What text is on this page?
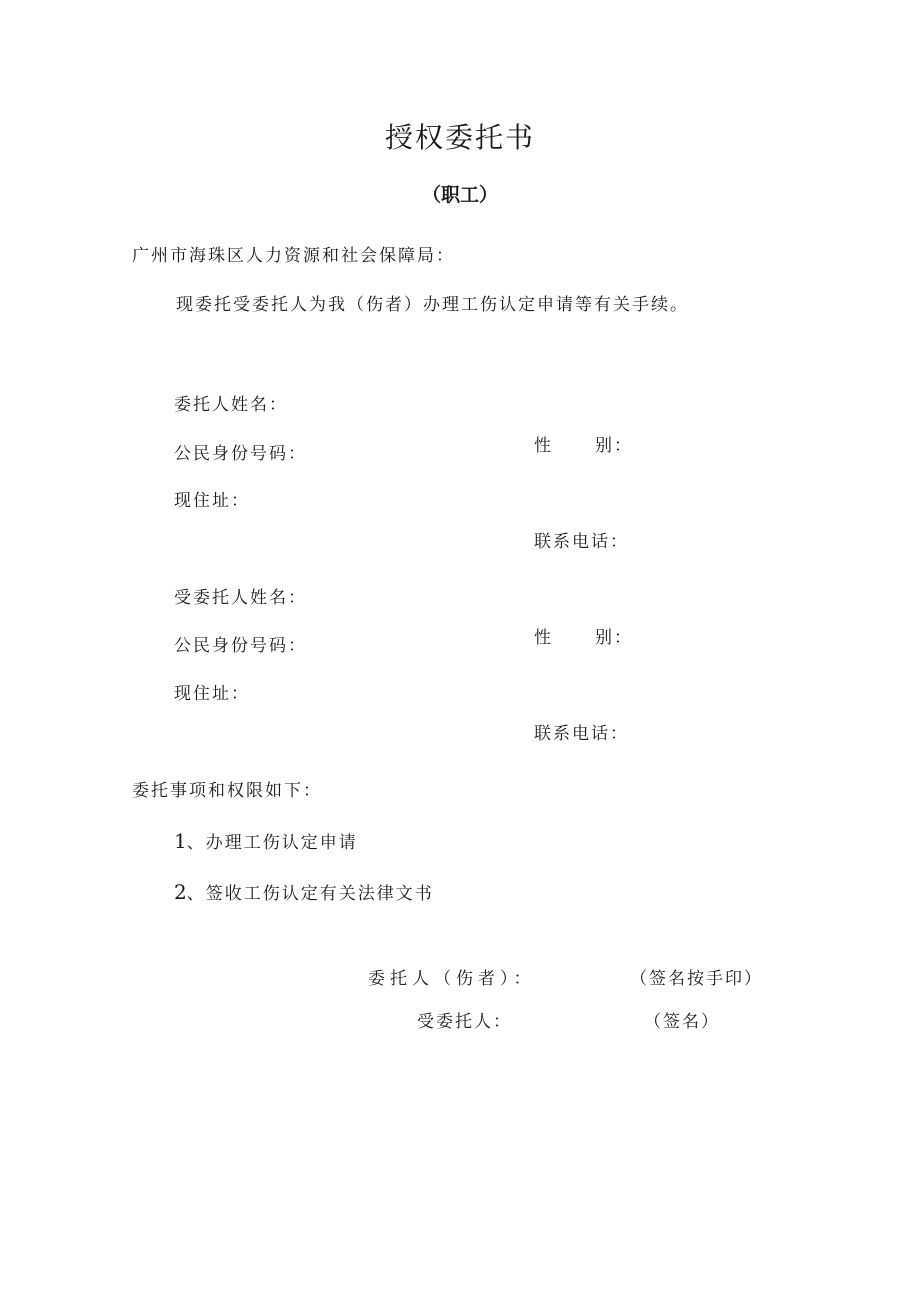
授权委托书
（职工）
广州市海珠区人力资源和社会保障局：
现委托受委托人为我（伤者）办理工伤认定申请等有关手续。
委托人姓名：
公民身份号码：	性 别：
现住址：
联系电话：
受委托人姓名：
公民身份号码：	性 别：
现住址：
联系电话：
委托事项和权限如下：
1、办理工伤认定申请
2、签收工伤认定有关法律文书
委托人（伤者）：	（签名按手印）
受委托人：	（签名）
